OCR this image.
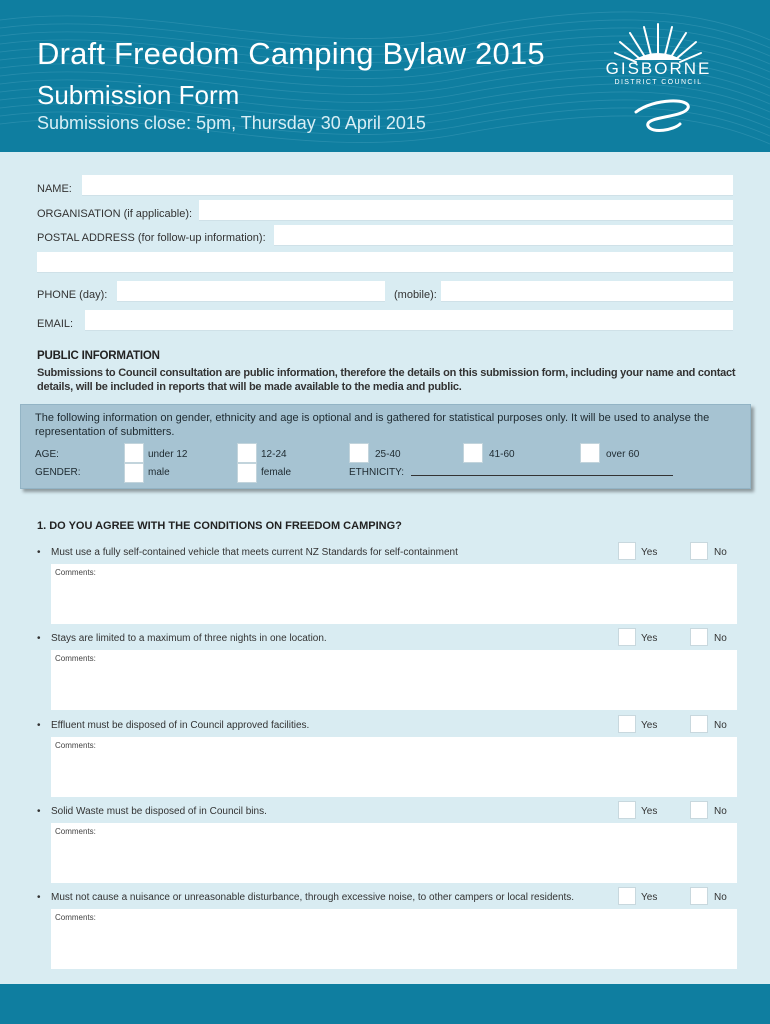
Draft Freedom Camping Bylaw 2015
Submission Form
Submissions close: 5pm, Thursday 30 April 2015
GISBORNE
DISTRICT COUNCIL
NAME:
ORGANISATION (if applicable):
POSTAL ADDRESS (for follow-up information):
PHONE (day):	(mobile):
EMAIL:
PUBLIC INFORMATION
Submissions to Council consultation are public information, therefore the details on this submission form, including your name and contact details, will be included in reports that will be made available to the media and public.
The following information on gender, ethnicity and age is optional and is gathered for statistical purposes only. It will be used to analyse the representation of submitters.
AGE:	under 12	12-24	25-40	41-60	over 60
GENDER:	male	female	ETHNICITY:
1. DO YOU AGREE WITH THE CONDITIONS ON FREEDOM CAMPING?
• Must use a fully self-contained vehicle that meets current NZ Standards for self-containment	Yes	No
Comments:
• Stays are limited to a maximum of three nights in one location.	Yes	No
Comments:
• Effluent must be disposed of in Council approved facilities.	Yes	No
Comments:
• Solid Waste must be disposed of in Council bins.	Yes	No
Comments:
• Must not cause a nuisance or unreasonable disturbance, through excessive noise, to other campers or local residents.	Yes	No
Comments:
